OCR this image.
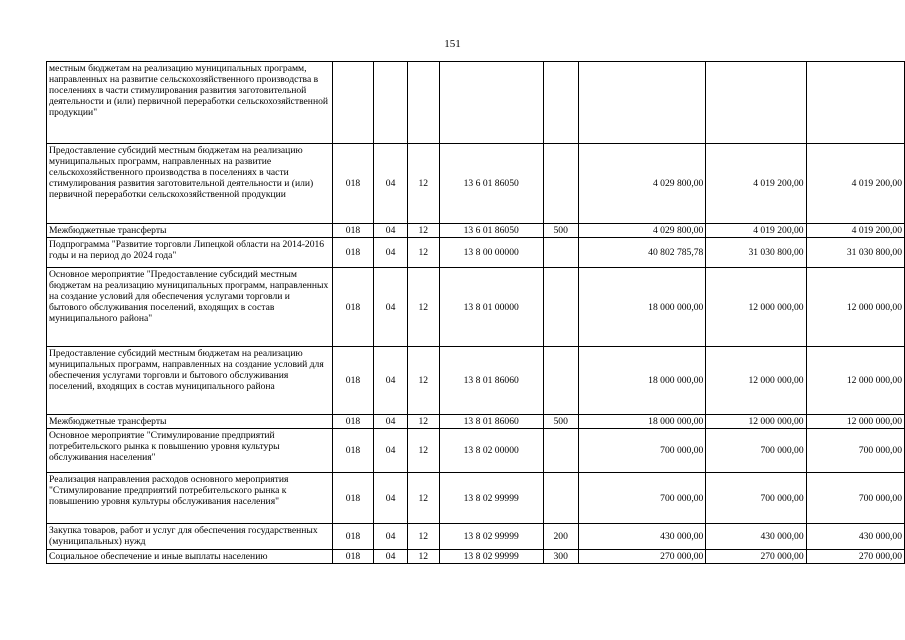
151
местным бюджетам на реализацию муниципальных программ, направленных на развитие сельскохозяйственного производства в поселениях в части стимулирования развития заготовительной деятельности и (или) первичной переработки сельскохозяйственной продукции"								
Предоставление субсидий местным бюджетам на реализацию муниципальных программ, направленных на развитие сельскохозяйственного производства в поселениях в части стимулирования развития заготовительной деятельности и (или) первичной переработки сельскохозяйственной продукции	018	04	12	13 6 01 86050		4 029 800,00	4 019 200,00	4 019 200,00
Межбюджетные трансферты	018	04	12	13 6 01 86050	500	4 029 800,00	4 019 200,00	4 019 200,00
Подпрограмма "Развитие торговли Липецкой области на 2014-2016 годы и на период до 2024 года"	018	04	12	13 8 00 00000		40 802 785,78	31 030 800,00	31 030 800,00
Основное мероприятие "Предоставление субсидий местным бюджетам на реализацию муниципальных программ, направленных на создание условий для обеспечения услугами торговли и бытового обслуживания поселений, входящих в состав муниципального района"	018	04	12	13 8 01 00000		18 000 000,00	12 000 000,00	12 000 000,00
Предоставление субсидий местным бюджетам на реализацию муниципальных программ, направленных на создание условий для обеспечения услугами торговли и бытового обслуживания поселений, входящих в состав муниципального района	018	04	12	13 8 01 86060		18 000 000,00	12 000 000,00	12 000 000,00
Межбюджетные трансферты	018	04	12	13 8 01 86060	500	18 000 000,00	12 000 000,00	12 000 000,00
Основное мероприятие "Стимулирование предприятий потребительского рынка к повышению уровня культуры обслуживания населения"	018	04	12	13 8 02 00000		700 000,00	700 000,00	700 000,00
Реализация направления расходов основного мероприятия "Стимулирование предприятий потребительского рынка к повышению уровня культуры обслуживания населения"	018	04	12	13 8 02 99999		700 000,00	700 000,00	700 000,00
Закупка товаров, работ и услуг для обеспечения государственных (муниципальных) нужд	018	04	12	13 8 02 99999	200	430 000,00	430 000,00	430 000,00
Социальное обеспечение и иные выплаты населению	018	04	12	13 8 02 99999	300	270 000,00	270 000,00	270 000,00
